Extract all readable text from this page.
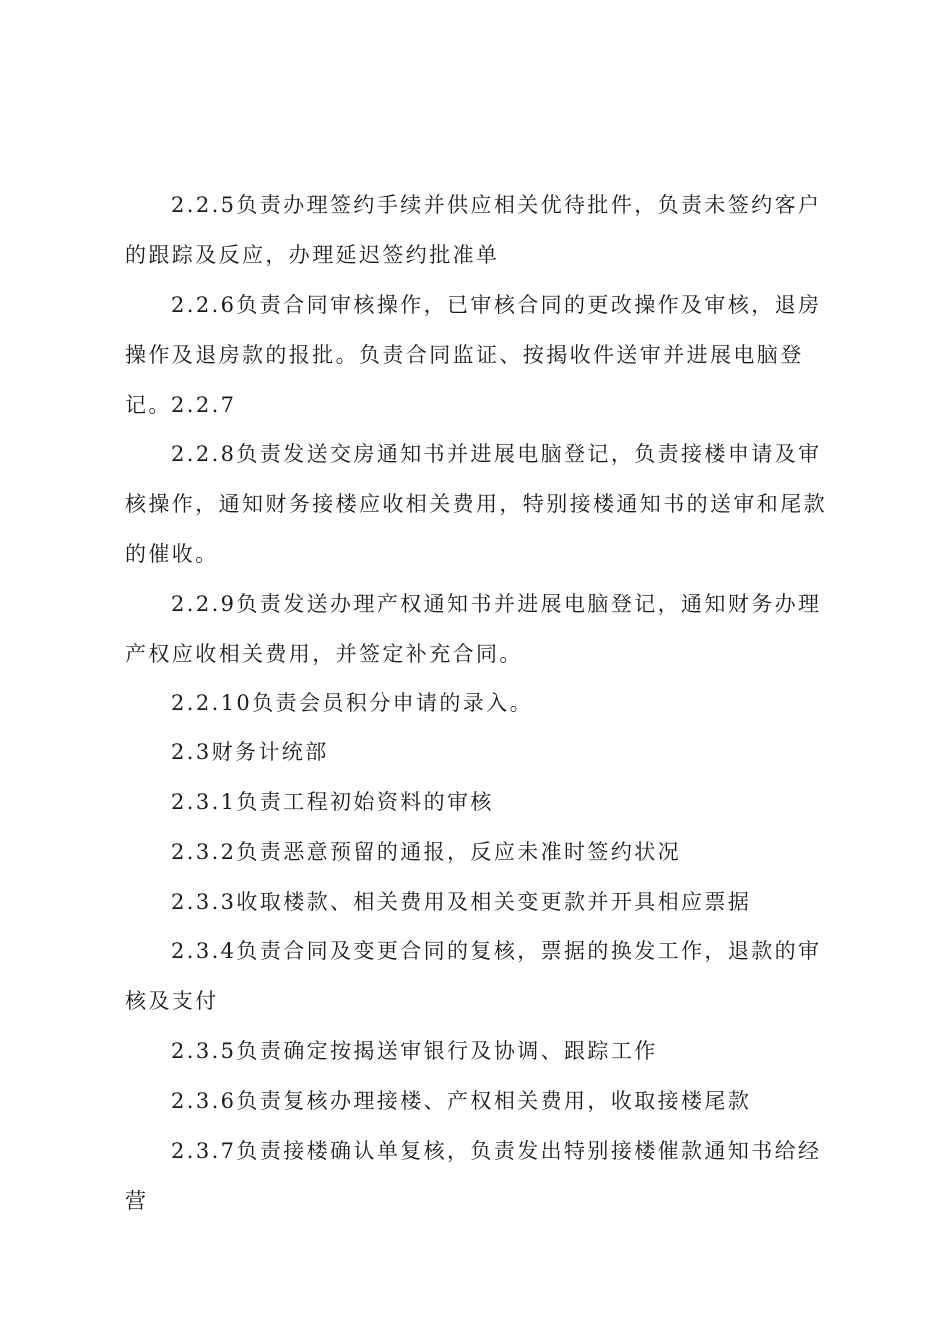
2.2.5负责办理签约手续并供应相关优待批件，负责未签约客户的跟踪及反应，办理延迟签约批准单

2.2.6负责合同审核操作，已审核合同的更改操作及审核，退房操作及退房款的报批。负责合同监证、按揭收件送审并进展电脑登记。 2.2.7

2.2.8负责发送交房通知书并进展电脑登记，负责接楼申请及审核操作，通知财务接楼应收相关费用，特别接楼通知书的送审和尾款的催收。

2.2.9负责发送办理产权通知书并进展电脑登记，通知财务办理产权应收相关费用，并签定补充合同。

2.2.10负责会员积分申请的录入。

2.3财务计统部

2.3.1负责工程初始资料的审核

2.3.2负责恶意预留的通报，反应未准时签约状况

2.3.3收取楼款、相关费用及相关变更款并开具相应票据

2.3.4负责合同及变更合同的复核，票据的换发工作，退款的审核及支付

2.3.5负责确定按揭送审银行及协调、跟踪工作

2.3.6负责复核办理接楼、产权相关费用，收取接楼尾款

2.3.7负责接楼确认单复核，负责发出特别接楼催款通知书给经营
